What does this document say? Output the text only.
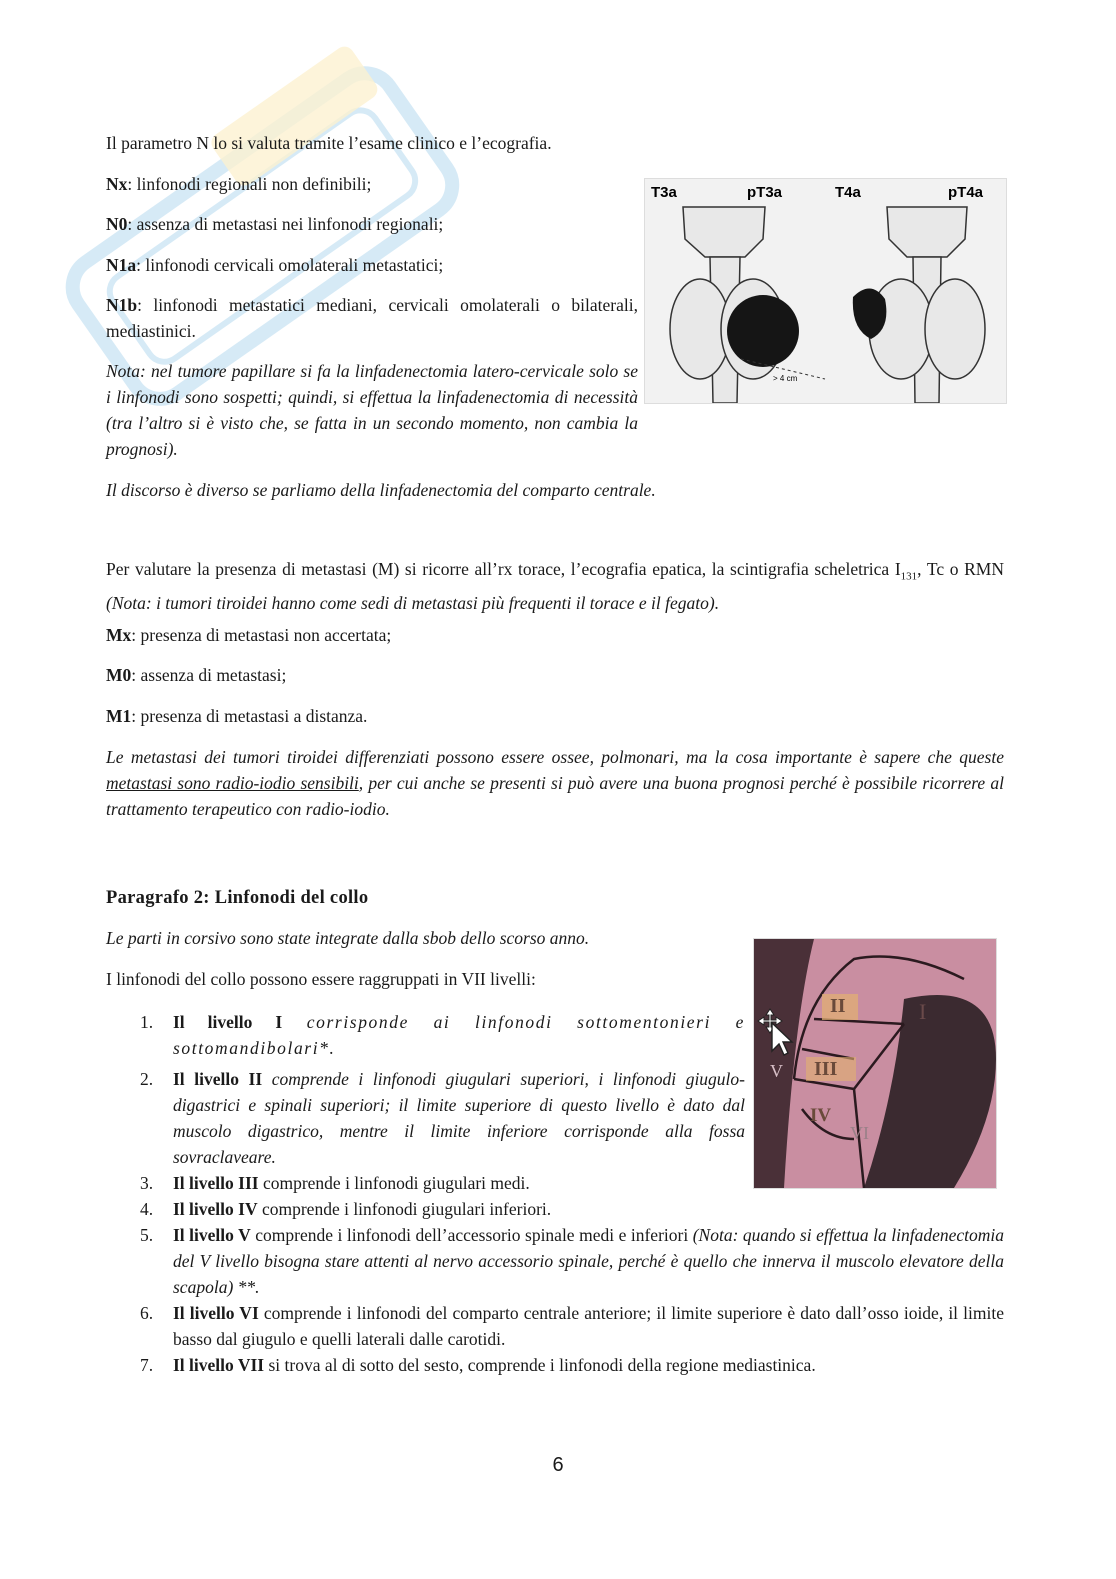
Il parametro N lo si valuta tramite l’esame clinico e l’ecografia.

Nx: linfonodi regionali non definibili;

N0: assenza di metastasi nei linfonodi regionali;

N1a: linfonodi cervicali omolaterali metastatici;

N1b: linfonodi metastatici mediani, cervicali omolaterali o bilaterali, mediastinici.

Nota: nel tumore papillare si fa la linfadenectomia latero-cervicale solo se i linfonodi sono sospetti; quindi, si effettua la linfadenectomia di necessità (tra l’altro si è visto che, se fatta in un secondo momento, non cambia la prognosi).

Il discorso è diverso se parliamo della linfadenectomia del comparto centrale.

T3a	pT3a	T4a	pT4a
> 4 cm

Per valutare la presenza di metastasi (M) si ricorre all’rx torace, l’ecografia epatica, la scintigrafia scheletrica $I_{131}$, Tc o RMN (Nota: i tumori tiroidei hanno come sedi di metastasi più frequenti il torace e il fegato).

Mx: presenza di metastasi non accertata;

M0: assenza di metastasi;

M1: presenza di metastasi a distanza.

Le metastasi dei tumori tiroidei differenziati possono essere ossee, polmonari, ma la cosa importante è sapere che queste metastasi sono radio-iodio sensibili, per cui anche se presenti si può avere una buona prognosi perché è possibile ricorrere al trattamento terapeutico con radio-iodio.

Paragrafo 2: Linfonodi del collo

Le parti in corsivo sono state integrate dalla sbob dello scorso anno.

I linfonodi del collo possono essere raggruppati in VII livelli:

II	I
III
V
IV
VI
1. Il livello I corrisponde ai linfonodi sottomentonieri e sottomandibolari*.
2. Il livello II comprende i linfonodi giugulari superiori, i linfonodi giugulo-digastrici e spinali superiori; il limite superiore di questo livello è dato dal muscolo digastrico, mentre il limite inferiore corrisponde alla fossa sovraclaveare.
3. Il livello III comprende i linfonodi giugulari medi.
4. Il livello IV comprende i linfonodi giugulari inferiori.
5. Il livello V comprende i linfonodi dell’accessorio spinale medi e inferiori (Nota: quando si effettua la linfadenectomia del V livello bisogna stare attenti al nervo accessorio spinale, perché è quello che innerva il muscolo elevatore della scapola) **.
6. Il livello VI comprende i linfonodi del comparto centrale anteriore; il limite superiore è dato dall’osso ioide, il limite basso dal giugulo e quelli laterali dalle carotidi.
7. Il livello VII si trova al di sotto del sesto, comprende i linfonodi della regione mediastinica.
6
